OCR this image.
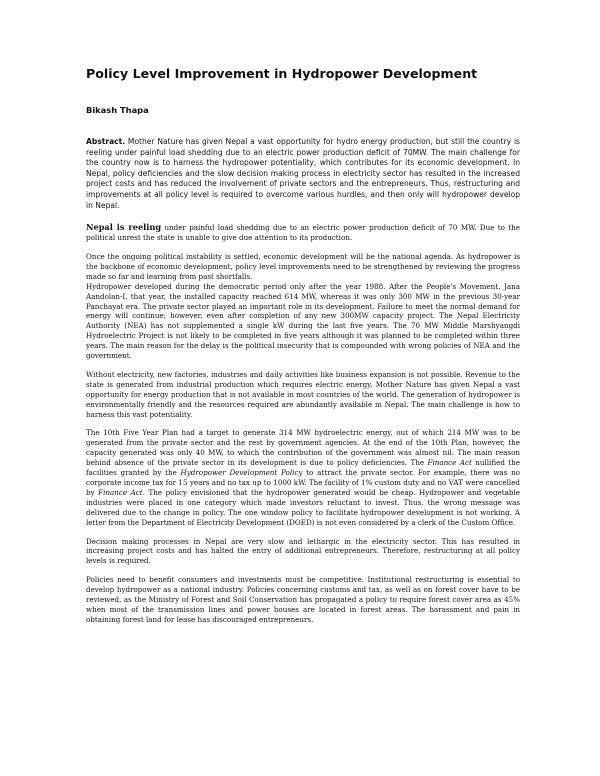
Policy Level Improvement in Hydropower Development
Bikash Thapa

Abstract. Mother Nature has given Nepal a vast opportunity for hydro energy production, but still the country is reeling under painful load shedding due to an electric power production deficit of 70MW. The main challenge for the country now is to harness the hydropower potentiality, which contributes for its economic development. In Nepal, policy deficiencies and the slow decision making process in electricity sector has resulted in the increased project costs and has reduced the involvement of private sectors and the entrepreneurs. Thus, restructuring and improvements at all policy level is required to overcome various hurdles, and then only will hydropower develop in Nepal.

Nepal is reeling under painful load shedding due to an electric power production deficit of 70 MW. Due to the political unrest the state is unable to give due attention to its production.

Once the ongoing political instability is settled, economic development will be the national agenda. As hydropower is the backbone of economic development, policy level improvements need to be strengthened by reviewing the progress made so far and learning from past shortfalls.
Hydropower developed during the democratic period only after the year 1988. After the People's Movement, Jana Aandolan-I, that year, the installed capacity reached 614 MW, whereas it was only 300 MW in the previous 30-year Panchayat era. The private sector played an important role in its development. Failure to meet the normal demand for energy will continue; however, even after completion of any new 300MW capacity project. The Nepal Electricity Authority (NEA) has not supplemented a single kW during the last five years. The 70 MW Middle Marshyangdi Hydroelectric Project is not likely to be completed in five years although it was planned to be completed within three years. The main reason for the delay is the political insecurity that is compounded with wrong policies of NEA and the government.

Without electricity, new factories, industries and daily activities like business expansion is not possible. Revenue to the state is generated from industrial production which requires electric energy. Mother Nature has given Nepal a vast opportunity for energy production that is not available in most countries of the world. The generation of hydropower is environmentally friendly and the resources required are abundantly available in Nepal. The main challenge is how to harness this vast potentiality.

The 10th Five Year Plan had a target to generate 314 MW hydroelectric energy, out of which 214 MW was to be generated from the private sector and the rest by government agencies. At the end of the 10th Plan, however, the capacity generated was only 40 MW, to which the contribution of the government was almost nil. The main reason behind absence of the private sector in its development is due to policy deficiencies. The Finance Act nullified the facilities granted by the Hydropower Development Policy to attract the private sector. For example, there was no corporate income tax for 15 years and no tax up to 1000 kW. The facility of 1% custom duty and no VAT were cancelled by Finance Act. The policy envisioned that the hydropower generated would be cheap. Hydropower and vegetable industries were placed in one category which made investors reluctant to invest. Thus, the wrong message was delivered due to the change in policy. The one window policy to facilitate hydropower development is not working. A letter from the Department of Electricity Development (DOED) is not even considered by a clerk of the Custom Office.

Decision making processes in Nepal are very slow and lethargic in the electricity sector. This has resulted in increasing project costs and has halted the entry of additional entrepreneurs. Therefore, restructuring at all policy levels is required.

Policies need to benefit consumers and investments must be competitive. Institutional restructuring is essential to develop hydropower as a national industry. Policies concerning customs and tax, as well as on forest cover have to be reviewed, as the Ministry of Forest and Soil Conservation has propagated a policy to require forest cover area as 45% when most of the transmission lines and power houses are located in forest areas. The harassment and pain in obtaining forest land for lease has discouraged entrepreneurs.
